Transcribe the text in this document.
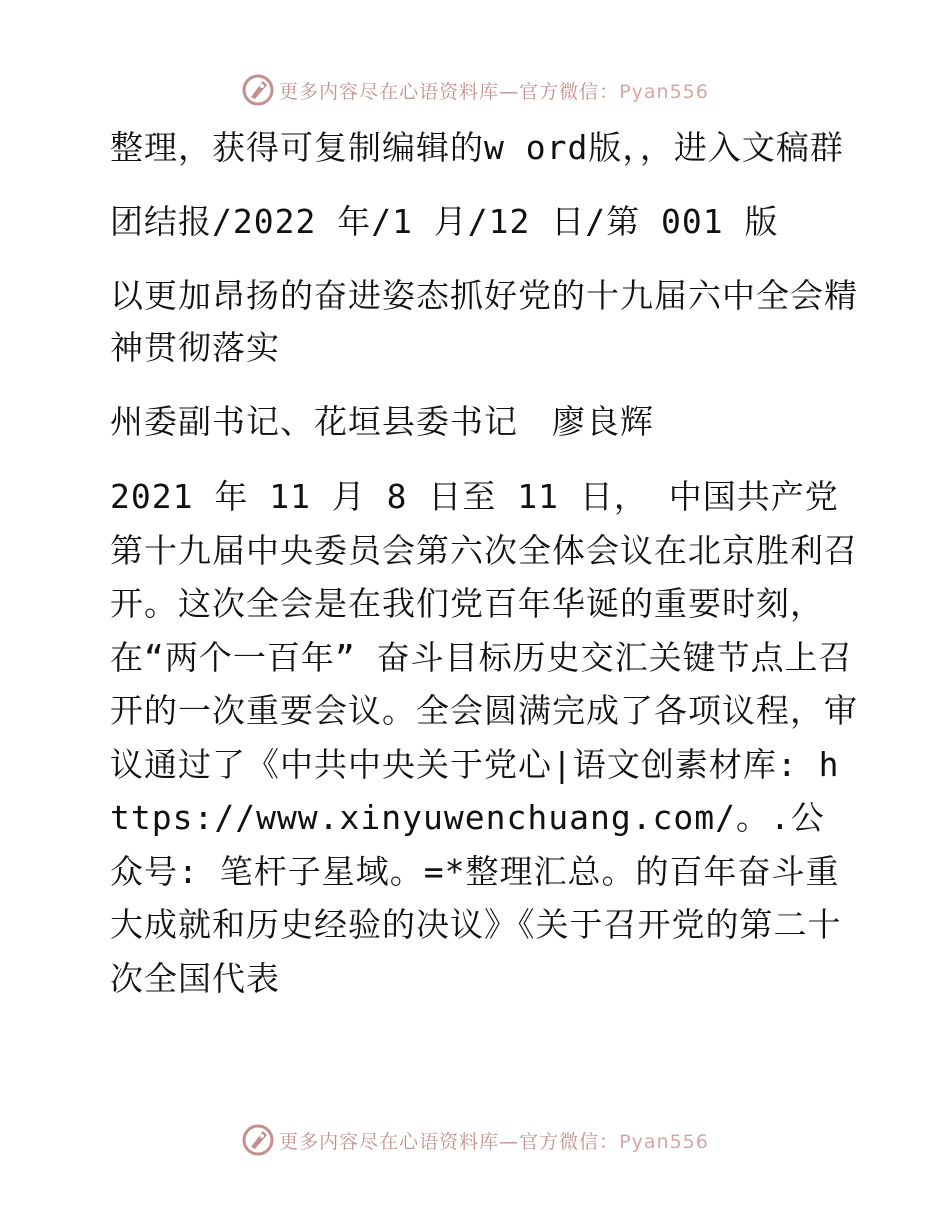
更多内容尽在心语资料库—官方微信：Pyan556

整理，获得可复制编辑的w ord版，，进入文稿群

团结报/2022 年/1 月/12 日/第 001 版

以更加昂扬的奋进姿态抓好党的十九届六中全会精神贯彻落实

州委副书记、花垣县委书记　廖良辉

2021 年 11 月 8 日至 11 日， 中国共产党第十九届中央委员会第六次全体会议在北京胜利召开。这次全会是在我们党百年华诞的重要时刻，在“两个一百年” 奋斗目标历史交汇关键节点上召开的一次重要会议。全会圆满完成了各项议程，审议通过了《中共中央关于党心|语文创素材库: https://www.xinyuwenchuang.com/。.公众号: 笔杆子星域。=*整理汇总。的百年奋斗重大成就和历史经验的决议》《关于召开党的第二十次全国代表

更多内容尽在心语资料库—官方微信：Pyan556
